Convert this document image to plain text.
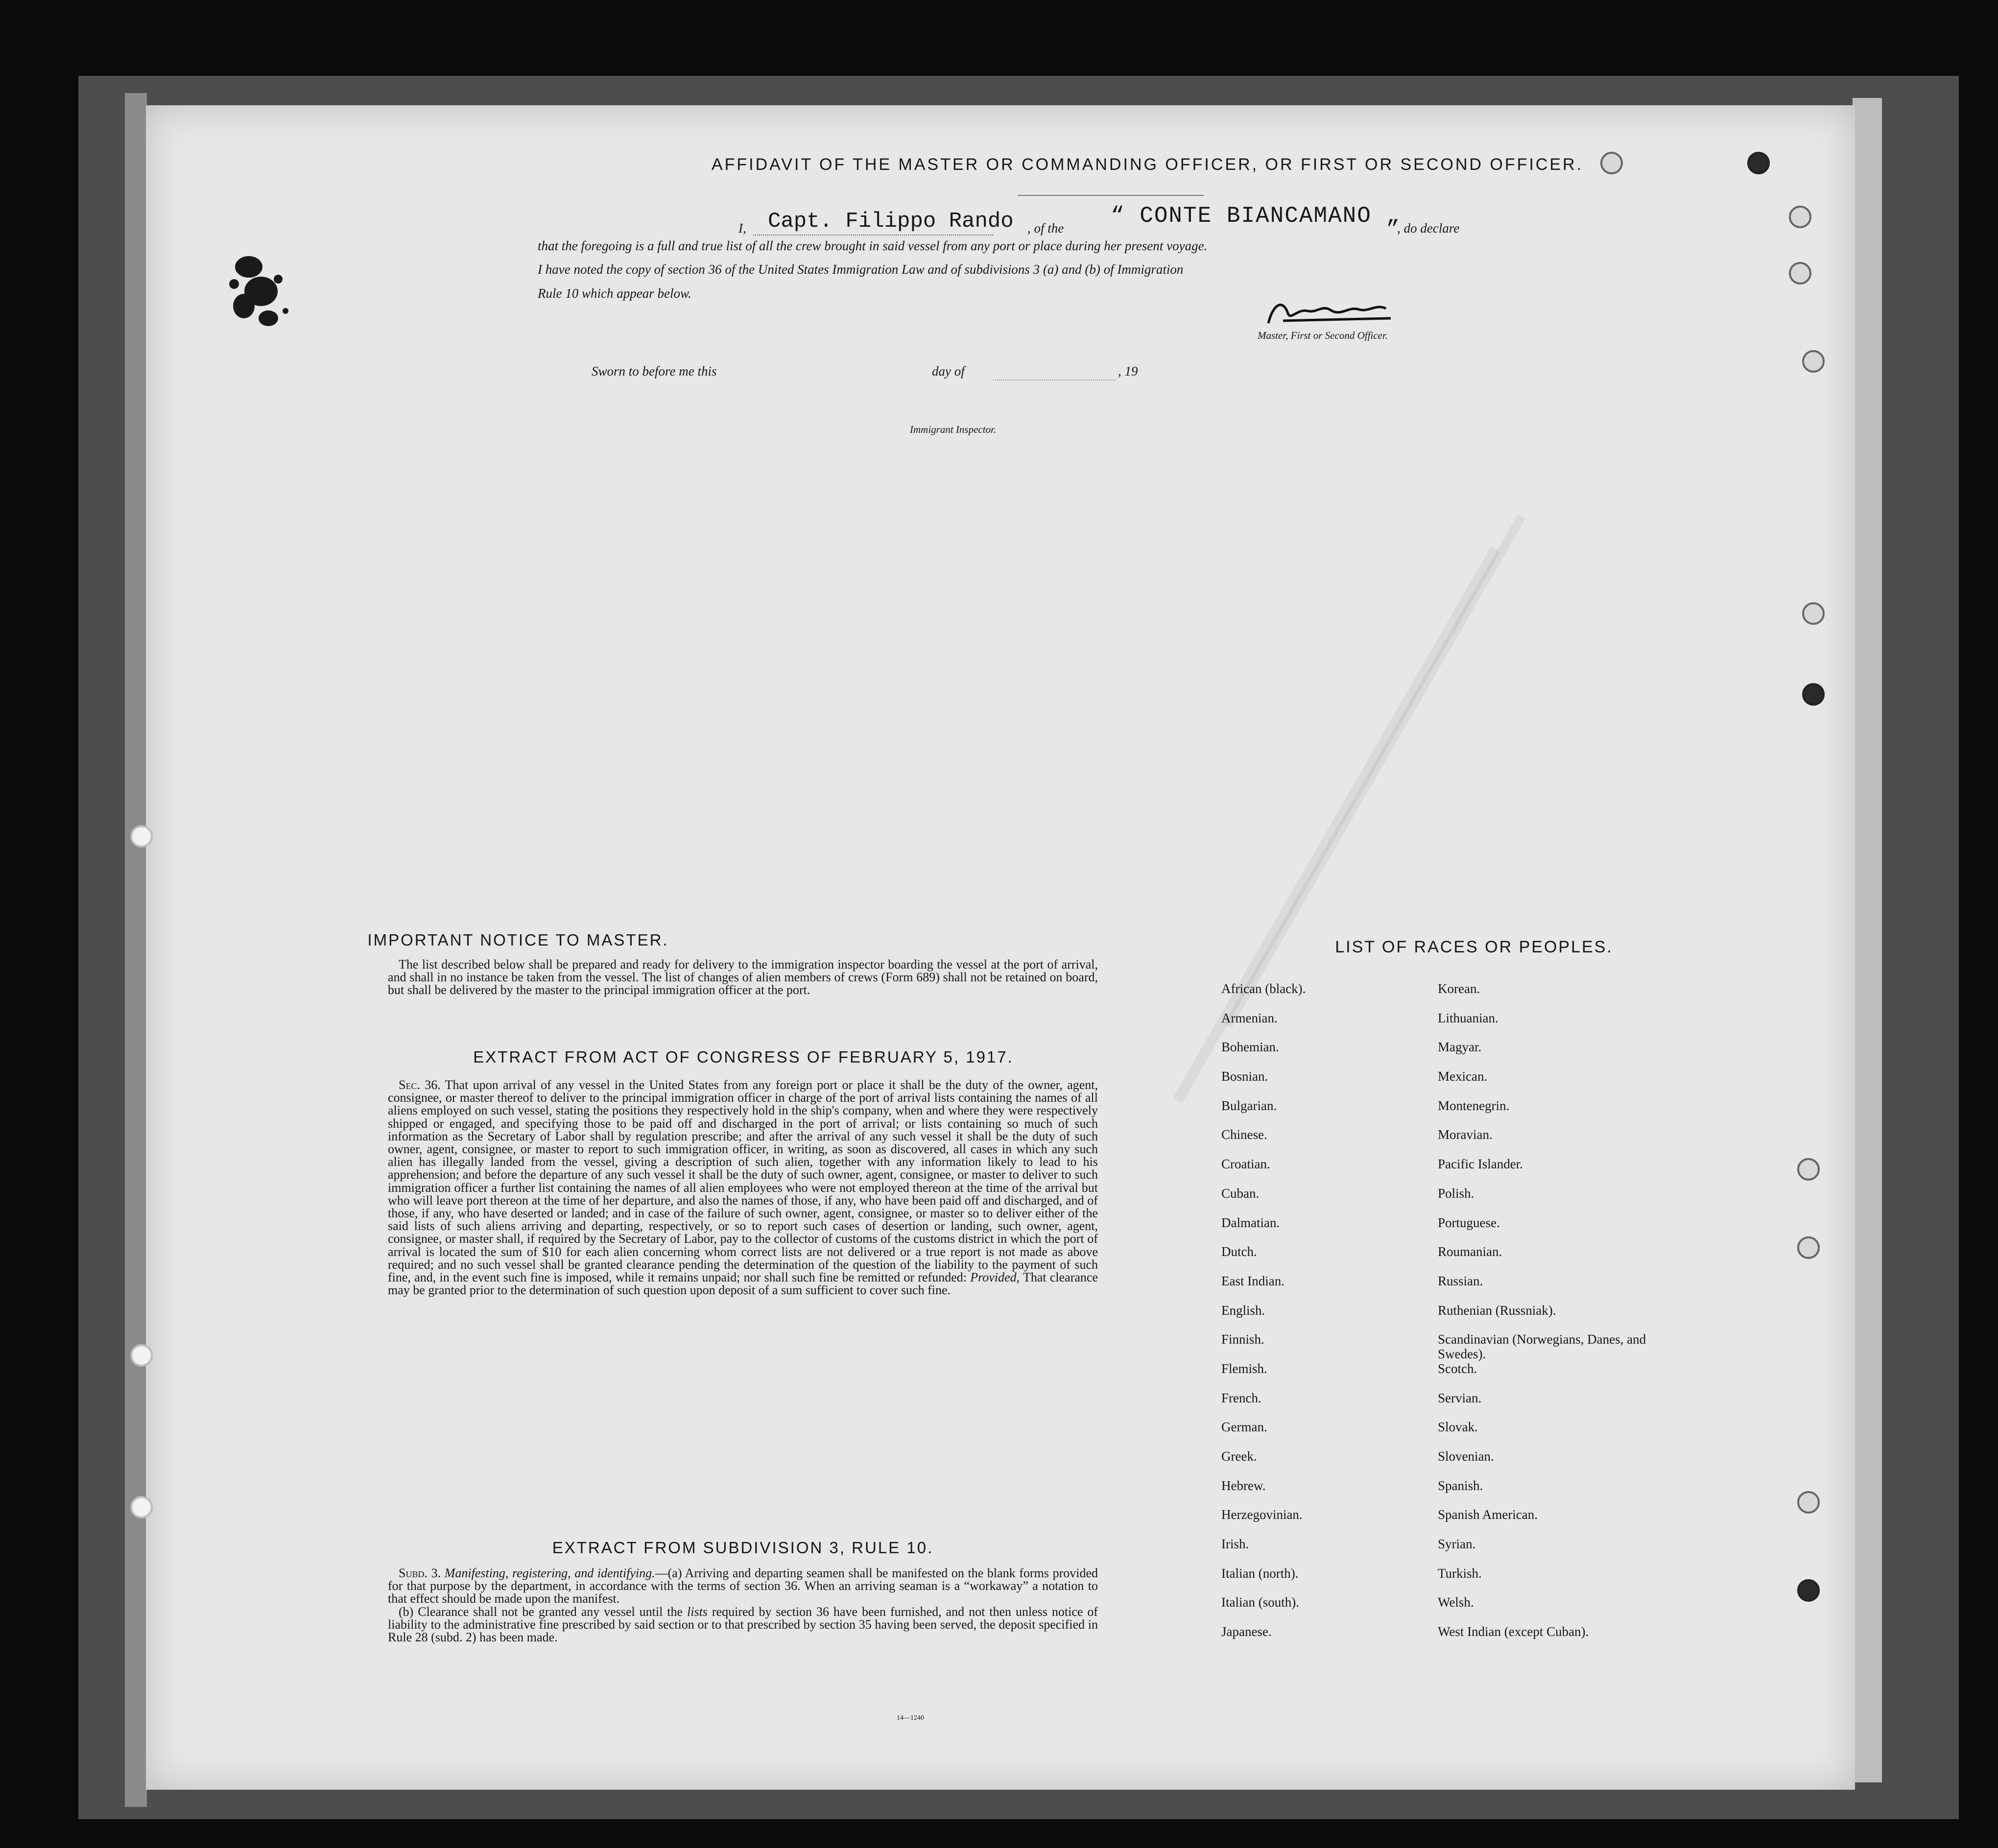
AFFIDAVIT OF THE MASTER OR COMMANDING OFFICER, OR FIRST OR SECOND OFFICER.
I, Capt. Filippo Rando , of the “ CONTE BIANCAMANO „
, do declare
that the foregoing is a full and true list of all the crew brought in said vessel from any port or place during her present voyage.
I have noted the copy of section 36 of the United States Immigration Law and of subdivisions 3 (a) and (b) of Immigration
Rule 10 which appear below.
Master, First or Second Officer.
Sworn to before me this	day of	, 19
Immigrant Inspector.
IMPORTANT NOTICE TO MASTER.

The list described below shall be prepared and ready for delivery to the immigration inspector boarding the vessel at the port of arrival, and shall in no instance be taken from the vessel. The list of changes of alien members of crews (Form 689) shall not be retained on board, but shall be delivered by the master to the principal immigration officer at the port.

EXTRACT FROM ACT OF CONGRESS OF FEBRUARY 5, 1917.

Sec. 36. That upon arrival of any vessel in the United States from any foreign port or place it shall be the duty of the owner, agent, consignee, or master thereof to deliver to the principal immigration officer in charge of the port of arrival lists containing the names of all aliens employed on such vessel, stating the positions they respectively hold in the ship's company, when and where they were respectively shipped or engaged, and specifying those to be paid off and discharged in the port of arrival; or lists containing so much of such information as the Secretary of Labor shall by regulation prescribe; and after the arrival of any such vessel it shall be the duty of such owner, agent, consignee, or master to report to such immigration officer, in writing, as soon as discovered, all cases in which any such alien has illegally landed from the vessel, giving a description of such alien, together with any information likely to lead to his apprehension; and before the departure of any such vessel it shall be the duty of such owner, agent, consignee, or master to deliver to such immigration officer a further list containing the names of all alien employees who were not employed thereon at the time of the arrival but who will leave port thereon at the time of her departure, and also the names of those, if any, who have been paid off and discharged, and of those, if any, who have deserted or landed; and in case of the failure of such owner, agent, consignee, or master so to deliver either of the said lists of such aliens arriving and departing, respectively, or so to report such cases of desertion or landing, such owner, agent, consignee, or master shall, if required by the Secretary of Labor, pay to the collector of customs of the customs district in which the port of arrival is located the sum of $10 for each alien concerning whom correct lists are not delivered or a true report is not made as above required; and no such vessel shall be granted clearance pending the determination of the question of the liability to the payment of such fine, and, in the event such fine is imposed, while it remains unpaid; nor shall such fine be remitted or refunded: Provided, That clearance may be granted prior to the determination of such question upon deposit of a sum sufficient to cover such fine.

EXTRACT FROM SUBDIVISION 3, RULE 10.

Subd. 3. Manifesting, registering, and identifying.—(a) Arriving and departing seamen shall be manifested on the blank forms provided for that purpose by the department, in accordance with the terms of section 36. When an arriving seaman is a “workaway” a notation to that effect should be made upon the manifest.

(b) Clearance shall not be granted any vessel until the lists required by section 36 have been furnished, and not then unless notice of liability to the administrative fine prescribed by said section or to that prescribed by section 35 having been served, the deposit specified in Rule 28 (subd. 2) has been made.

14—1240
LIST OF RACES OR PEOPLES.
African (black).
Armenian.
Bohemian.
Bosnian.
Bulgarian.
Chinese.
Croatian.
Cuban.
Dalmatian.
Dutch.
East Indian.
English.
Finnish.
Flemish.
French.
German.
Greek.
Hebrew.
Herzegovinian.
Irish.
Italian (north).
Italian (south).
Japanese.
Korean.
Lithuanian.
Magyar.
Mexican.
Montenegrin.
Moravian.
Pacific Islander.
Polish.
Portuguese.
Roumanian.
Russian.
Ruthenian (Russniak).
Scandinavian (Norwegians, Danes, and Swedes).
Scotch.
Servian.
Slovak.
Slovenian.
Spanish.
Spanish American.
Syrian.
Turkish.
Welsh.
West Indian (except Cuban).
